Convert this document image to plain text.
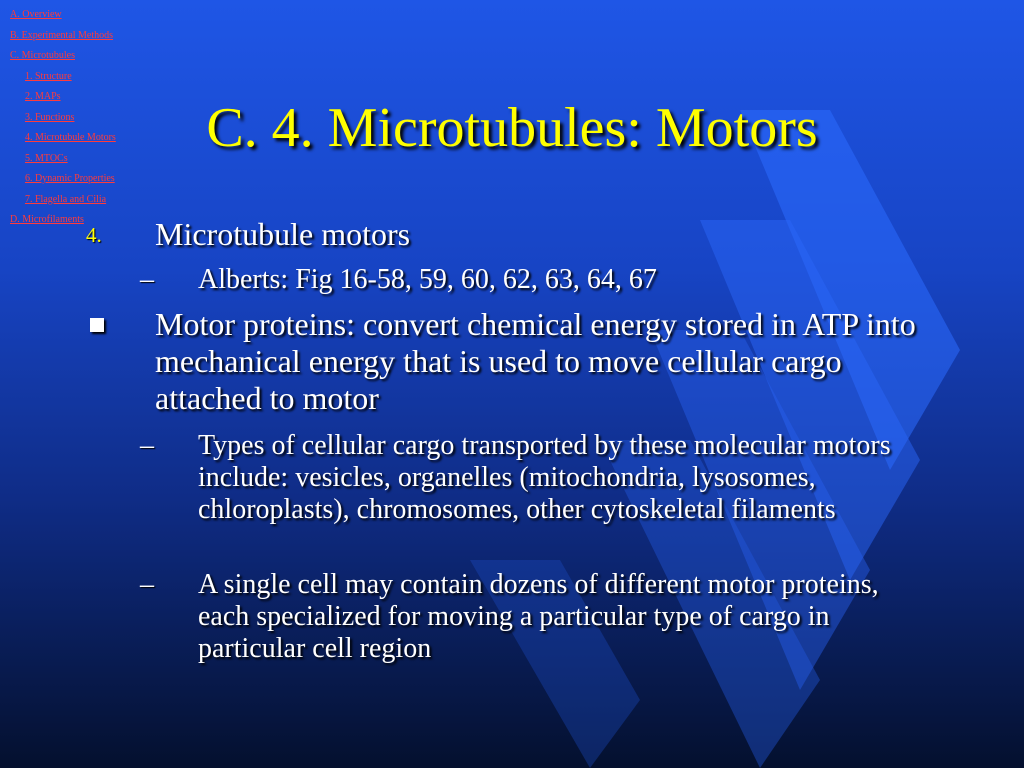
A. Overview
B. Experimental Methods
C. Microtubules
1. Structure
2. MAPs
3. Functions
4. Microtubule Motors
5. MTOCs
6. Dynamic Properties
7. Flagella and Cilia
D. Microfilaments
C. 4. Microtubules: Motors
4. Microtubule motors
– Alberts: Fig 16-58, 59, 60, 62, 63, 64, 67
Motor proteins: convert chemical energy stored in ATP into mechanical energy that is used to move cellular cargo attached to motor
– Types of cellular cargo transported by these molecular motors include: vesicles, organelles (mitochondria, lysosomes, chloroplasts), chromosomes, other cytoskeletal filaments
– A single cell may contain dozens of different motor proteins, each specialized for moving a particular type of cargo in particular cell region
